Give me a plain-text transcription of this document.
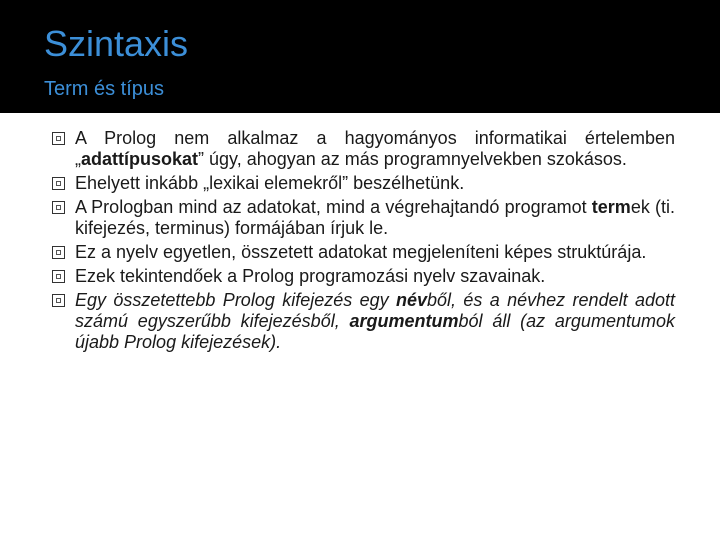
Szintaxis
Term és típus
A Prolog nem alkalmaz a hagyományos informatikai értelemben „adattípusokat” úgy, ahogyan az más programnyelvekben szokásos.
Ehelyett inkább „lexikai elemekről” beszélhetünk.
A Prologban mind az adatokat, mind a végrehajtandó programot termek (ti. kifejezés, terminus) formájában írjuk le.
Ez a nyelv egyetlen, összetett adatokat megjeleníteni képes struktúrája.
Ezek tekintendőek a Prolog programozási nyelv szavainak.
Egy összetettebb Prolog kifejezés egy névből, és a névhez rendelt adott számú egyszerűbb kifejezésből, argumentumból áll (az argumentumok újabb Prolog kifejezések).
